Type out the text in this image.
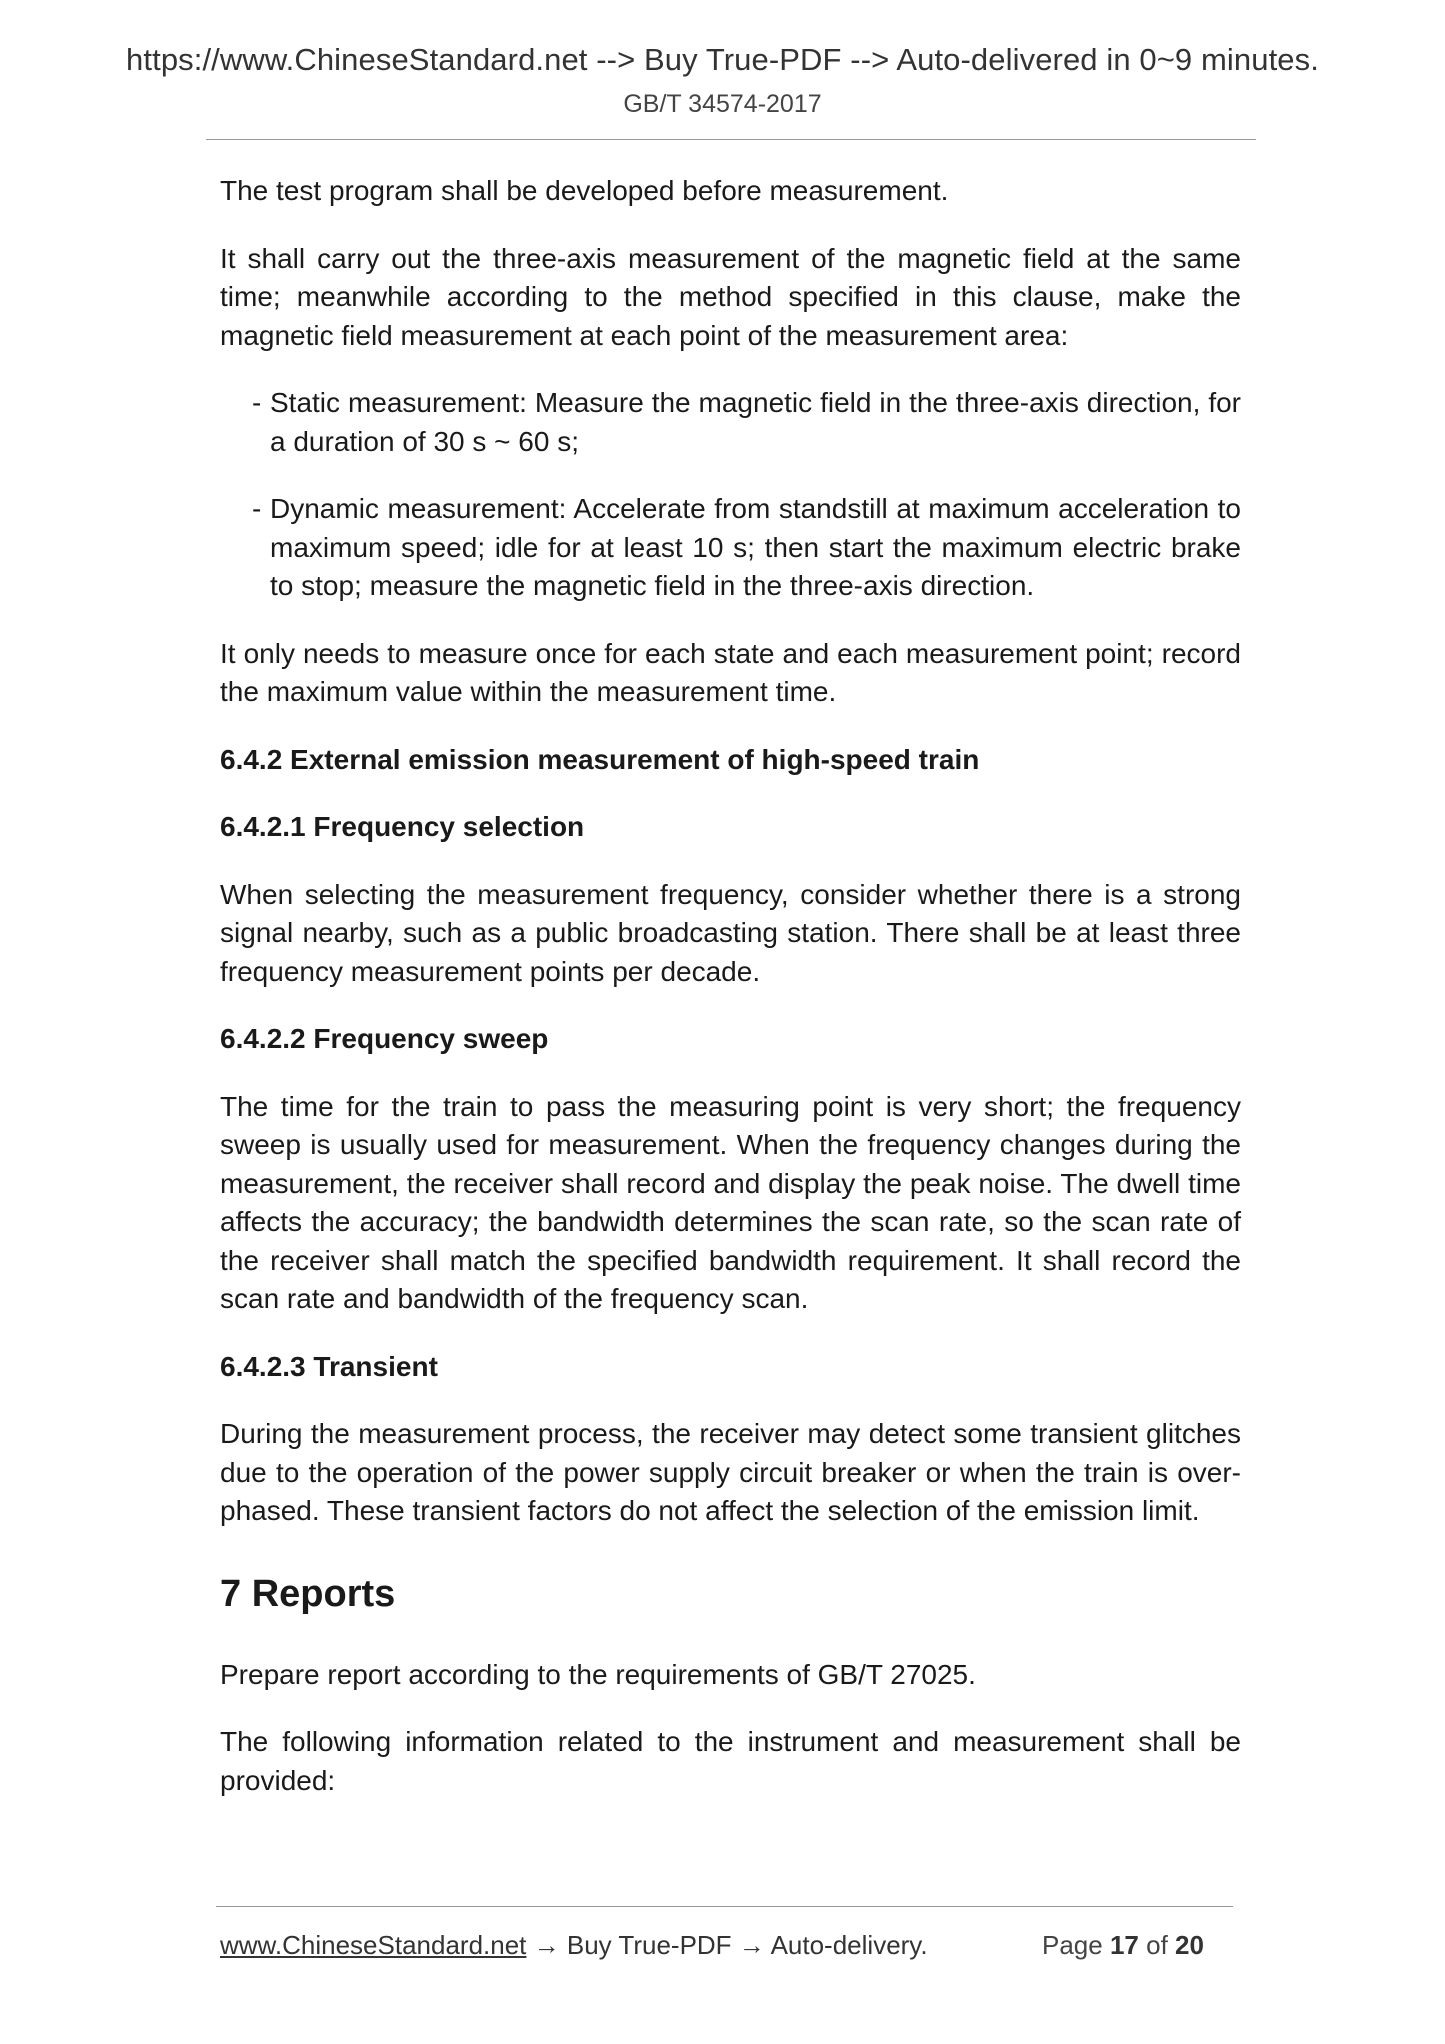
https://www.ChineseStandard.net --> Buy True-PDF --> Auto-delivered in 0~9 minutes.
GB/T 34574-2017

The test program shall be developed before measurement.

It shall carry out the three-axis measurement of the magnetic field at the same time; meanwhile according to the method specified in this clause, make the magnetic field measurement at each point of the measurement area:

- Static measurement: Measure the magnetic field in the three-axis direction, for a duration of 30 s ~ 60 s;
- Dynamic measurement: Accelerate from standstill at maximum acceleration to maximum speed; idle for at least 10 s; then start the maximum electric brake to stop; measure the magnetic field in the three-axis direction.

It only needs to measure once for each state and each measurement point; record the maximum value within the measurement time.

6.4.2 External emission measurement of high-speed train
6.4.2.1 Frequency selection

When selecting the measurement frequency, consider whether there is a strong signal nearby, such as a public broadcasting station. There shall be at least three frequency measurement points per decade.

6.4.2.2 Frequency sweep

The time for the train to pass the measuring point is very short; the frequency sweep is usually used for measurement. When the frequency changes during the measurement, the receiver shall record and display the peak noise. The dwell time affects the accuracy; the bandwidth determines the scan rate, so the scan rate of the receiver shall match the specified bandwidth requirement. It shall record the scan rate and bandwidth of the frequency scan.

6.4.2.3 Transient

During the measurement process, the receiver may detect some transient glitches due to the operation of the power supply circuit breaker or when the train is over-phased. These transient factors do not affect the selection of the emission limit.

7 Reports

Prepare report according to the requirements of GB/T 27025.

The following information related to the instrument and measurement shall be provided:

www.ChineseStandard.net → Buy True-PDF → Auto-delivery.	Page 17 of 20
